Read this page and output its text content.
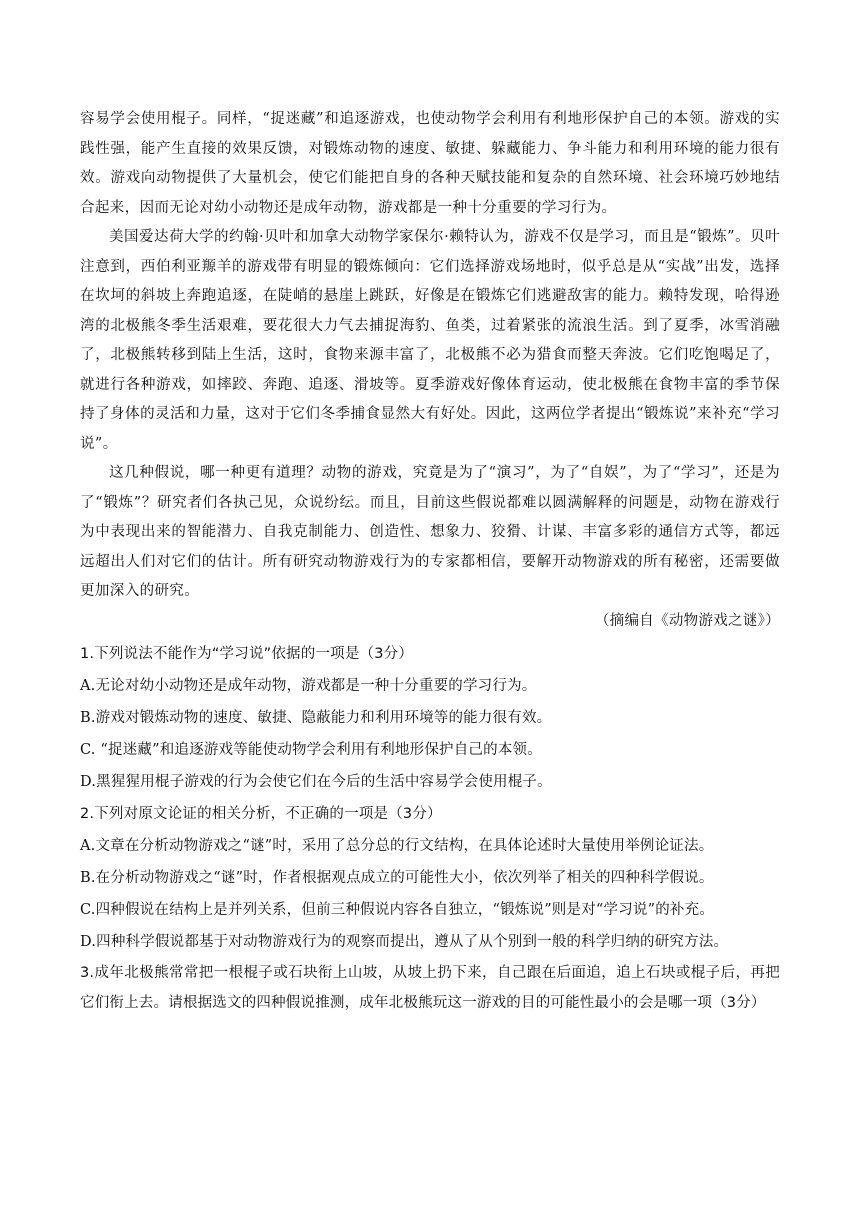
容易学会使用棍子。同样，“捉迷藏”和追逐游戏，也使动物学会利用有利地形保护自己的本领。游戏的实践性强，能产生直接的效果反馈，对锻炼动物的速度、敏捷、躲藏能力、争斗能力和利用环境的能力很有效。游戏向动物提供了大量机会，使它们能把自身的各种天赋技能和复杂的自然环境、社会环境巧妙地结合起来，因而无论对幼小动物还是成年动物，游戏都是一种十分重要的学习行为。

美国爱达荷大学的约翰·贝叶和加拿大动物学家保尔·赖特认为，游戏不仅是学习，而且是“锻炼”。贝叶注意到，西伯利亚羱羊的游戏带有明显的锻炼倾向：它们选择游戏场地时，似乎总是从“实战”出发，选择在坎坷的斜坡上奔跑追逐，在陡峭的悬崖上跳跃，好像是在锻炼它们逃避敌害的能力。赖特发现，哈得逊湾的北极熊冬季生活艰难，要花很大力气去捕捉海豹、鱼类，过着紧张的流浪生活。到了夏季，冰雪消融了，北极熊转移到陆上生活，这时，食物来源丰富了，北极熊不必为猎食而整天奔波。它们吃饱喝足了，就进行各种游戏，如摔跤、奔跑、追逐、滑坡等。夏季游戏好像体育运动，使北极熊在食物丰富的季节保持了身体的灵活和力量，这对于它们冬季捕食显然大有好处。因此，这两位学者提出“锻炼说”来补充“学习说”。

这几种假说，哪一种更有道理？动物的游戏，究竟是为了“演习”，为了“自娱”，为了“学习”，还是为了“锻炼”？研究者们各执己见，众说纷纭。而且，目前这些假说都难以圆满解释的问题是，动物在游戏行为中表现出来的智能潜力、自我克制能力、创造性、想象力、狡猾、计谋、丰富多彩的通信方式等，都远远超出人们对它们的估计。所有研究动物游戏行为的专家都相信，要解开动物游戏的所有秘密，还需要做更加深入的研究。

（摘编自《动物游戏之谜》）

1.下列说法不能作为“学习说”依据的一项是（3分）

A.无论对幼小动物还是成年动物，游戏都是一种十分重要的学习行为。

B.游戏对锻炼动物的速度、敏捷、隐蔽能力和利用环境等的能力很有效。

C. “捉迷藏”和追逐游戏等能使动物学会利用有利地形保护自己的本领。

D.黑猩猩用棍子游戏的行为会使它们在今后的生活中容易学会使用棍子。

2.下列对原文论证的相关分析，不正确的一项是（3分）

A.文章在分析动物游戏之“谜”时，采用了总分总的行文结构，在具体论述时大量使用举例论证法。

B.在分析动物游戏之“谜”时，作者根据观点成立的可能性大小，依次列举了相关的四种科学假说。

C.四种假说在结构上是并列关系，但前三种假说内容各自独立，“锻炼说”则是对“学习说”的补充。

D.四种科学假说都基于对动物游戏行为的观察而提出，遵从了从个别到一般的科学归纳的研究方法。

3.成年北极熊常常把一根棍子或石块衔上山坡，从坡上扔下来，自己跟在后面追，追上石块或棍子后，再把它们衔上去。请根据选文的四种假说推测，成年北极熊玩这一游戏的目的可能性最小的会是哪一项（3分）
